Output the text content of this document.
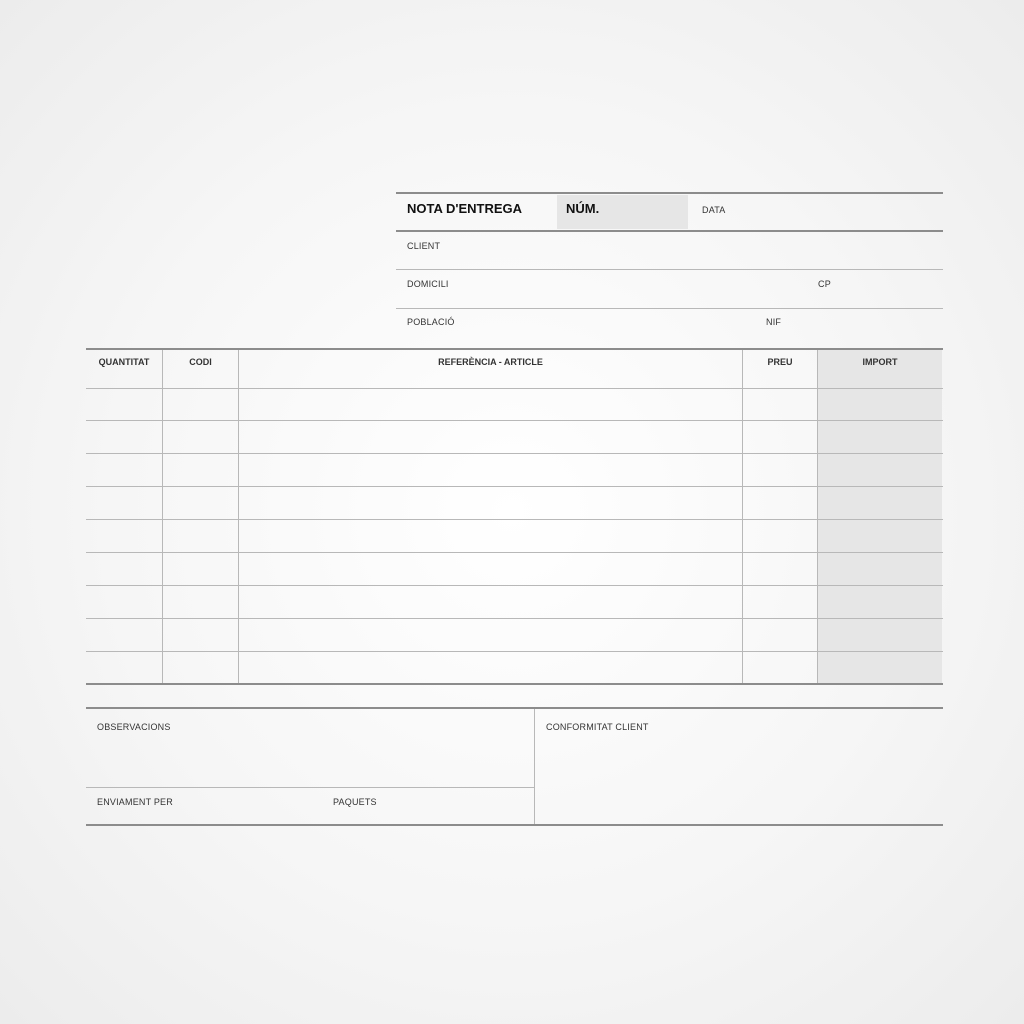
NOTA D'ENTREGA	NÚM.	DATA
CLIENT
DOMICILI	CP
POBLACIÓ	NIF
QUANTITAT	CODI	REFERÈNCIA - ARTICLE	PREU	IMPORT
OBSERVACIONS	CONFORMITAT CLIENT
ENVIAMENT PER	PAQUETS
